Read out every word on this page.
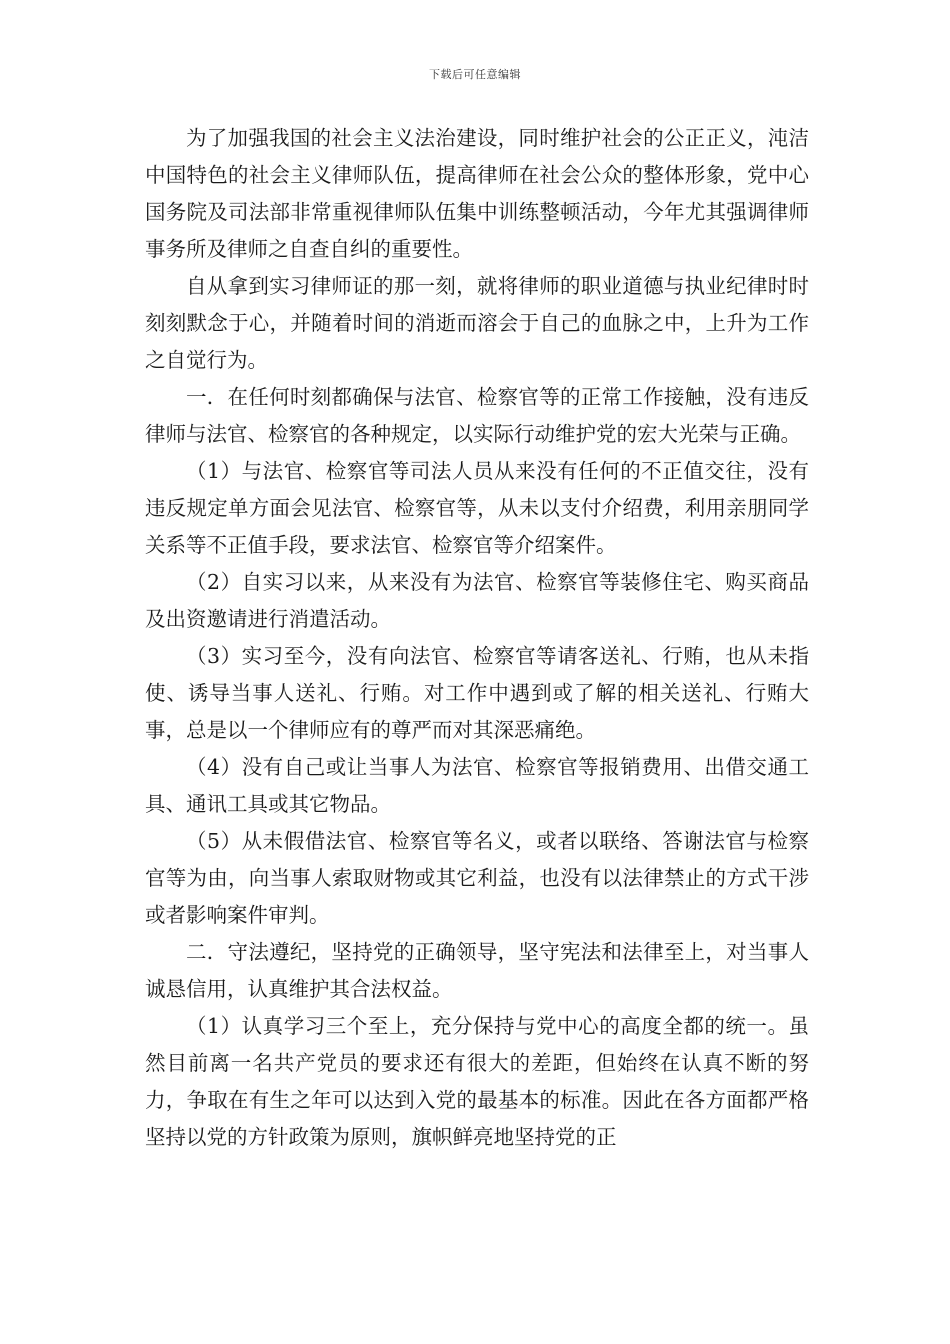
下载后可任意编辑

为了加强我国的社会主义法治建设，同时维护社会的公正正义，沌洁中国特色的社会主义律师队伍，提高律师在社会公众的整体形象，党中心国务院及司法部非常重视律师队伍集中训练整顿活动，今年尤其强调律师事务所及律师之自查自纠的重要性。

自从拿到实习律师证的那一刻，就将律师的职业道德与执业纪律时时刻刻默念于心，并随着时间的消逝而溶会于自己的血脉之中，上升为工作之自觉行为。

一．在任何时刻都确保与法官、检察官等的正常工作接触，没有违反律师与法官、检察官的各种规定，以实际行动维护党的宏大光荣与正确。

（1）与法官、检察官等司法人员从来没有任何的不正值交往，没有违反规定单方面会见法官、检察官等，从未以支付介绍费，利用亲朋同学关系等不正值手段，要求法官、检察官等介绍案件。

（2）自实习以来，从来没有为法官、检察官等装修住宅、购买商品及出资邀请进行消遣活动。

（3）实习至今，没有向法官、检察官等请客送礼、行贿，也从未指使、诱导当事人送礼、行贿。对工作中遇到或了解的相关送礼、行贿大事，总是以一个律师应有的尊严而对其深恶痛绝。

（4）没有自己或让当事人为法官、检察官等报销费用、出借交通工具、通讯工具或其它物品。

（5）从未假借法官、检察官等名义，或者以联络、答谢法官与检察官等为由，向当事人索取财物或其它利益，也没有以法律禁止的方式干涉或者影响案件审判。

二．守法遵纪，坚持党的正确领导，坚守宪法和法律至上，对当事人诚恳信用，认真维护其合法权益。

（1）认真学习三个至上，充分保持与党中心的高度全都的统一。虽然目前离一名共产党员的要求还有很大的差距，但始终在认真不断的努力，争取在有生之年可以达到入党的最基本的标准。因此在各方面都严格坚持以党的方针政策为原则，旗帜鲜亮地坚持党的正
